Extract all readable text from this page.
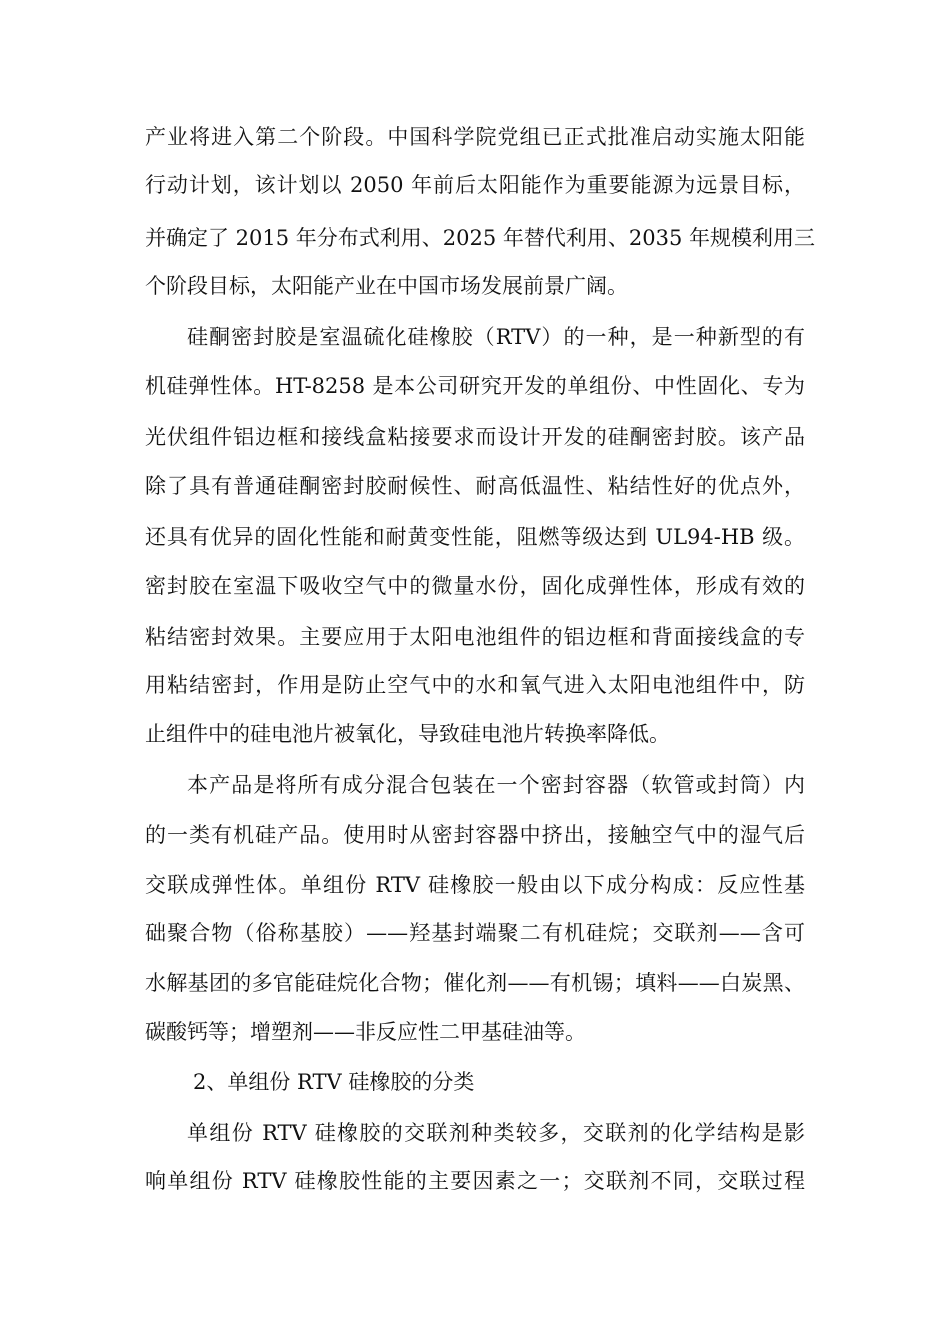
产业将进入第二个阶段。中国科学院党组已正式批准启动实施太阳能
行动计划，该计划以 2050 年前后太阳能作为重要能源为远景目标，
并确定了 2015 年分布式利用、2025 年替代利用、2035 年规模利用三
个阶段目标，太阳能产业在中国市场发展前景广阔。
硅酮密封胶是室温硫化硅橡胶（RTV）的一种，是一种新型的有
机硅弹性体。HT-8258 是本公司研究开发的单组份、中性固化、专为
光伏组件铝边框和接线盒粘接要求而设计开发的硅酮密封胶。该产品
除了具有普通硅酮密封胶耐候性、耐高低温性、粘结性好的优点外，
还具有优异的固化性能和耐黄变性能，阻燃等级达到 UL94-HB 级。
密封胶在室温下吸收空气中的微量水份，固化成弹性体，形成有效的
粘结密封效果。主要应用于太阳电池组件的铝边框和背面接线盒的专
用粘结密封，作用是防止空气中的水和氧气进入太阳电池组件中，防
止组件中的硅电池片被氧化，导致硅电池片转换率降低。
本产品是将所有成分混合包装在一个密封容器（软管或封筒）内
的一类有机硅产品。使用时从密封容器中挤出，接触空气中的湿气后
交联成弹性体。单组份 RTV 硅橡胶一般由以下成分构成：反应性基
础聚合物（俗称基胶）——羟基封端聚二有机硅烷；交联剂——含可
水解基团的多官能硅烷化合物；催化剂——有机锡；填料——白炭黑、
碳酸钙等；增塑剂——非反应性二甲基硅油等。
2、单组份 RTV 硅橡胶的分类
单组份 RTV 硅橡胶的交联剂种类较多，交联剂的化学结构是影
响单组份 RTV 硅橡胶性能的主要因素之一；交联剂不同，交联过程
